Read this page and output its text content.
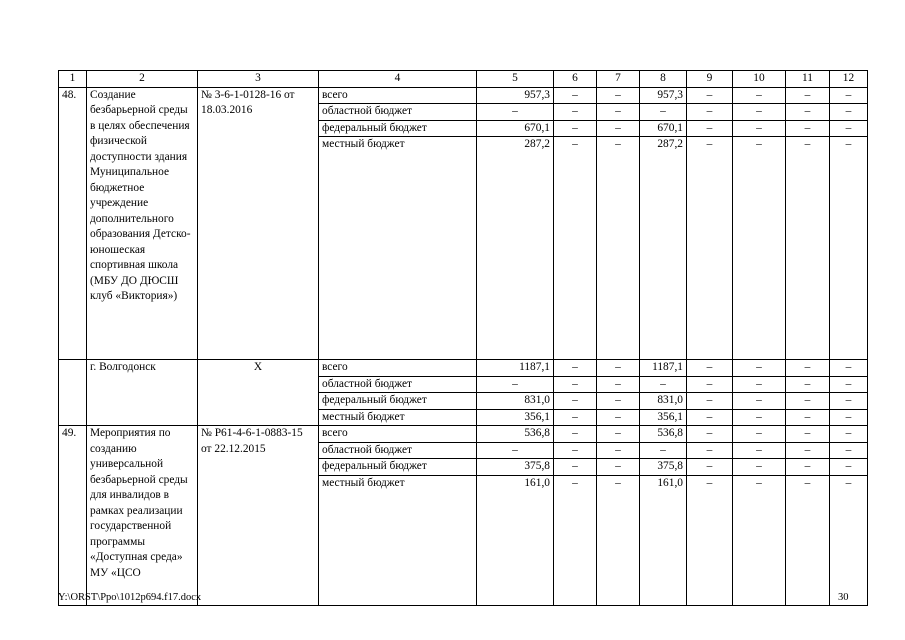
1	2	3	4	5	6	7	8	9	10	11	12
48.	Создание безбарьерной среды в целях обеспечения физической доступности здания Муниципальное бюджетное учреждение дополнительного образования Детско-юношеская спортивная школа (МБУ ДО ДЮСШ клуб «Виктория»)	№ 3-6-1-0128-16 от 18.03.2016	всего	957,3	–	–	957,3	–	–	–	–
			областной бюджет	–	–	–	–	–	–	–	–
			федеральный бюджет	670,1	–	–	670,1	–	–	–	–
			местный бюджет	287,2	–	–	287,2	–	–	–	–
	г. Волгодонск	Х	всего	1187,1	–	–	1187,1	–	–	–	–
			областной бюджет	–	–	–	–	–	–	–	–
			федеральный бюджет	831,0	–	–	831,0	–	–	–	–
			местный бюджет	356,1	–	–	356,1	–	–	–	–
49.	Мероприятия по созданию универсальной безбарьерной среды для инвалидов в рамках реализации государственной программы «Доступная среда» МУ «ЦСО	№ Р61-4-6-1-0883-15 от 22.12.2015	всего	536,8	–	–	536,8	–	–	–	–
			областной бюджет	–	–	–	–	–	–	–	–
			федеральный бюджет	375,8	–	–	375,8	–	–	–	–
			местный бюджет	161,0	–	–	161,0	–	–	–	–
Y:\ORST\Ppo\1012p694.f17.docx	30
